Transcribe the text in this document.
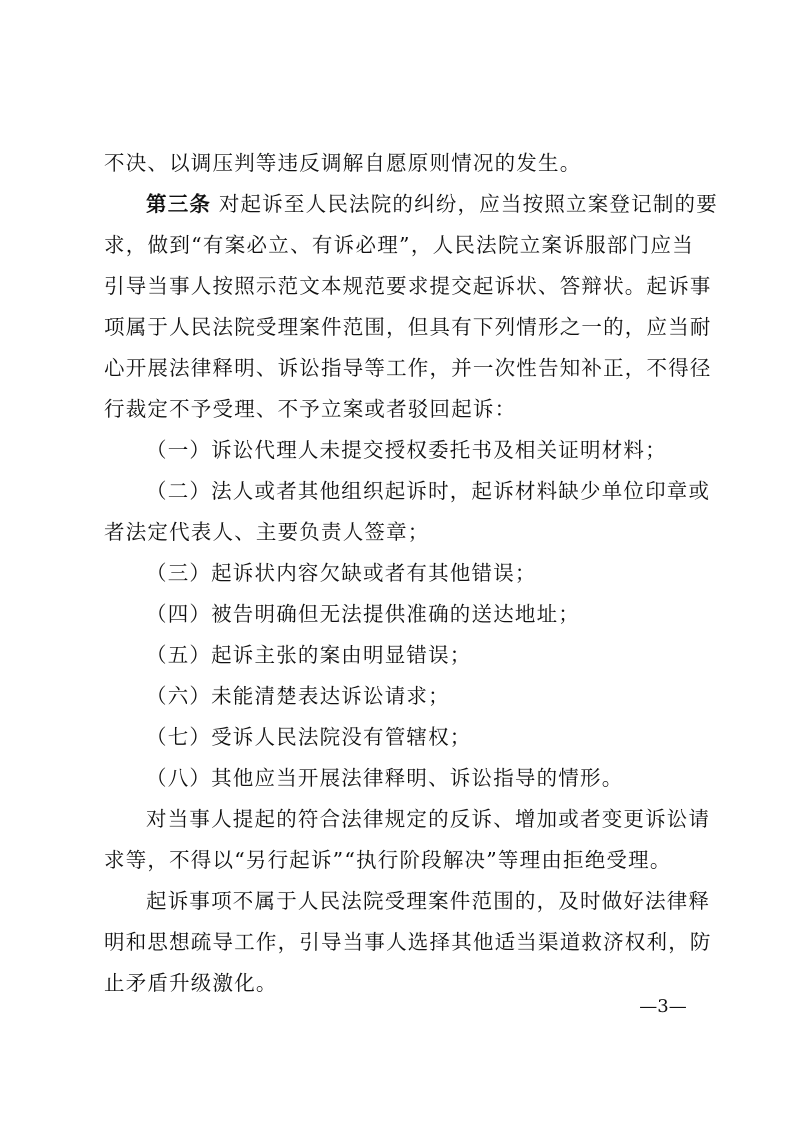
不决、以调压判等违反调解自愿原则情况的发生。
第三条 对起诉至人民法院的纠纷，应当按照立案登记制的要
求，做到“有案必立、有诉必理”，人民法院立案诉服部门应当
引导当事人按照示范文本规范要求提交起诉状、答辩状。起诉事
项属于人民法院受理案件范围，但具有下列情形之一的，应当耐
心开展法律释明、诉讼指导等工作，并一次性告知补正，不得径
行裁定不予受理、不予立案或者驳回起诉：
（一）诉讼代理人未提交授权委托书及相关证明材料；
（二）法人或者其他组织起诉时，起诉材料缺少单位印章或
者法定代表人、主要负责人签章；
（三）起诉状内容欠缺或者有其他错误；
（四）被告明确但无法提供准确的送达地址；
（五）起诉主张的案由明显错误；
（六）未能清楚表达诉讼请求；
（七）受诉人民法院没有管辖权；
（八）其他应当开展法律释明、诉讼指导的情形。
对当事人提起的符合法律规定的反诉、增加或者变更诉讼请
求等，不得以“另行起诉”“执行阶段解决”等理由拒绝受理。
起诉事项不属于人民法院受理案件范围的，及时做好法律释
明和思想疏导工作，引导当事人选择其他适当渠道救济权利，防
止矛盾升级激化。
—3—
